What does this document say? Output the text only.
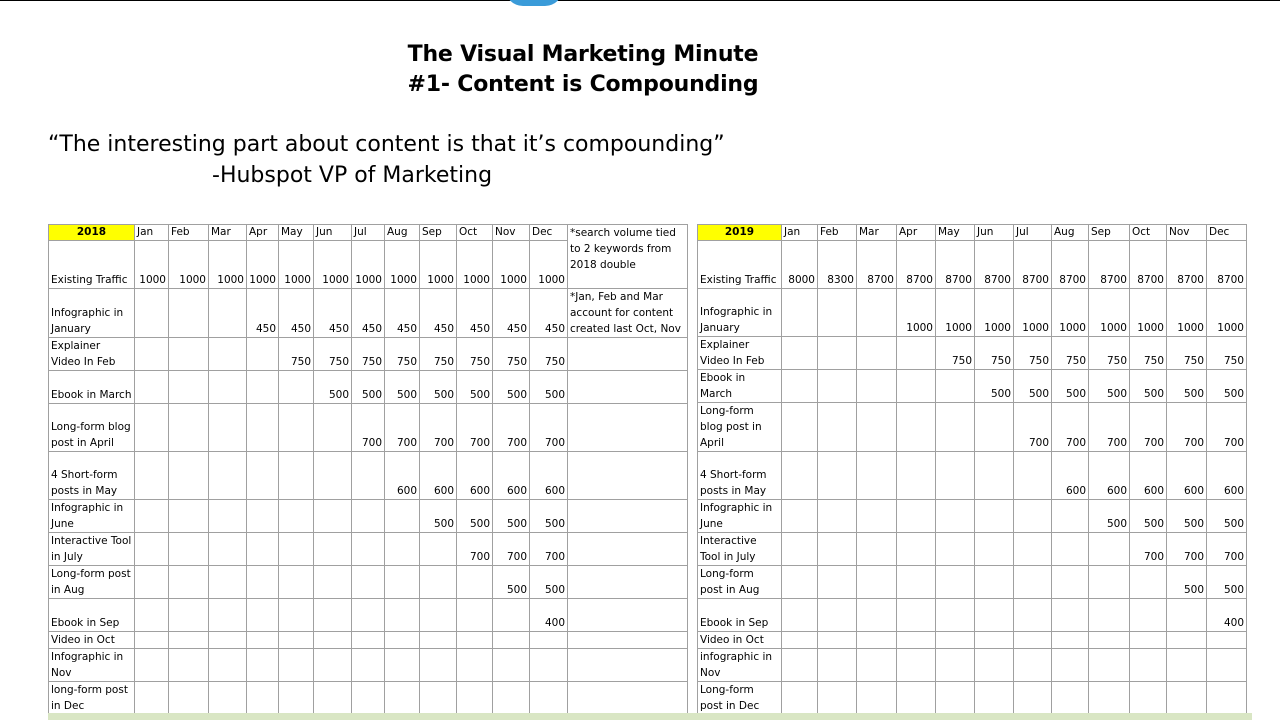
The Visual Marketing Minute
#1- Content is Compounding
“The interesting part about content is that it’s compounding”
-Hubspot VP of Marketing
2018	Jan	Feb	Mar	Apr	May	Jun	Jul	Aug	Sep	Oct	Nov	Dec	*search volume tied to 2 keywords from 2018 double
Existing Traffic	1000	1000	1000	1000	1000	1000	1000	1000	1000	1000	1000	1000	
Infographic in January				450	450	450	450	450	450	450	450	450	*Jan, Feb and Mar account for content created last Oct, Nov
Explainer Video In Feb					750	750	750	750	750	750	750	750	
Ebook in March						500	500	500	500	500	500	500	
Long-form blog post in April							700	700	700	700	700	700	
4 Short-form posts in May								600	600	600	600	600	
Infographic in June									500	500	500	500	
Interactive Tool in July										700	700	700	
Long-form post in Aug											500	500	
Ebook in Sep												400	
Video in Oct													
Infographic in Nov													
long-form post in Dec													
2019	Jan	Feb	Mar	Apr	May	Jun	Jul	Aug	Sep	Oct	Nov	Dec
Existing Traffic	8000	8300	8700	8700	8700	8700	8700	8700	8700	8700	8700	8700
Infographic in January				1000	1000	1000	1000	1000	1000	1000	1000	1000
Explainer Video In Feb					750	750	750	750	750	750	750	750
Ebook in March						500	500	500	500	500	500	500
Long-form blog post in April							700	700	700	700	700	700
4 Short-form posts in May								600	600	600	600	600
Infographic in June									500	500	500	500
Interactive Tool in July										700	700	700
Long-form post in Aug											500	500
Ebook in Sep												400
Video in Oct												
infographic in Nov												
Long-form post in Dec												
